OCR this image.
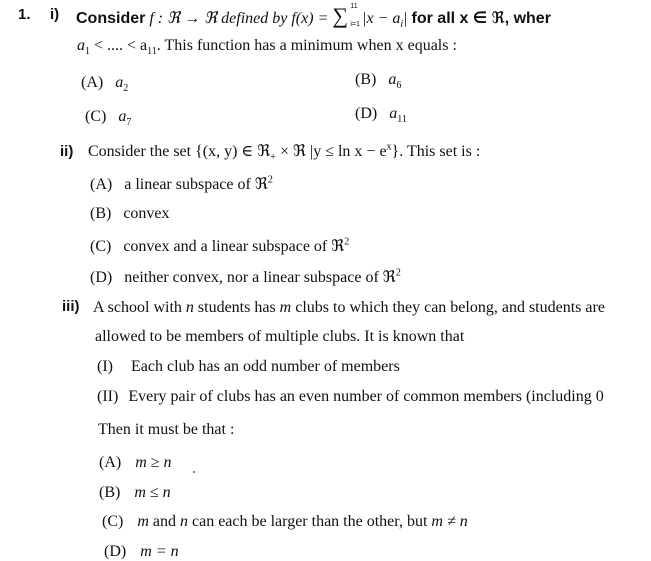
1. i) Consider f : ℜ → ℜ defined by f(x) = ∑ 11
i=1 $|x - a_i|$ for all x ∈ ℜ, wher
$a_1$ < .... < $a_{11}$. This function has a minimum when x equals :
(A) $a_2$
(B) $a_6$
(C) $a_7$
(D) $a_{11}$
ii) Consider the set {(x, y) ∈ ℜ$_+$ × ℜ $|y \le \ln x - e^x$}. This set is :
(A) a linear subspace of ℜ$^2$
(B) convex
(C) convex and a linear subspace of ℜ$^2$
(D) neither convex, nor a linear subspace of ℜ$^2$
iii) A school with n students has m clubs to which they can belong, and students are
allowed to be members of multiple clubs. It is known that
(I) Each club has an odd number of members
(II) Every pair of clubs has an even number of common members (including 0
Then it must be that :
(A) m ≥ n
(B) m ≤ n
(C) m and n can each be larger than the other, but m ≠ n
(D) m = n
